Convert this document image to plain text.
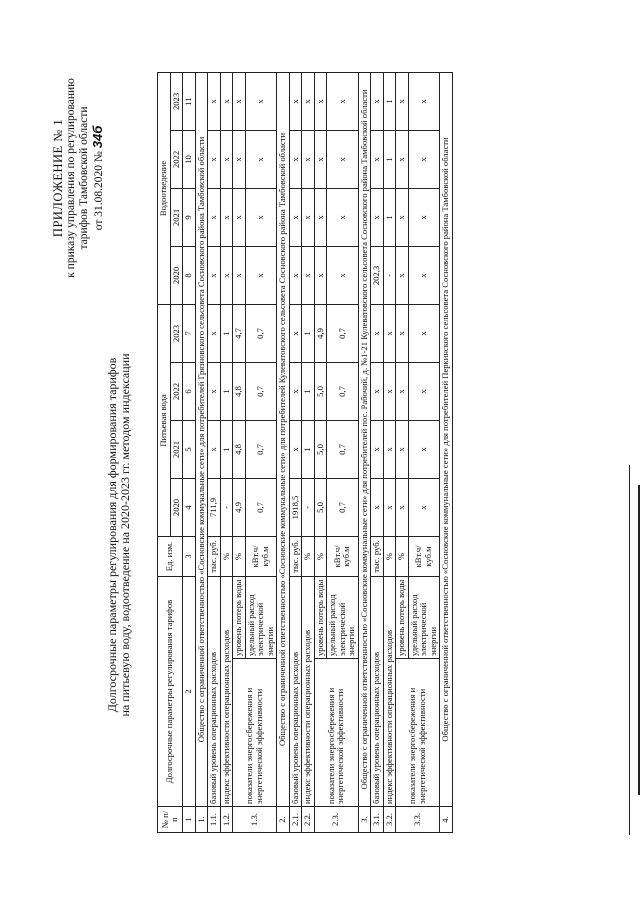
ПРИЛОЖЕНИЕ № 1 к приказу управления по регулированию тарифов Тамбовской области от 31.08.2020 № 34б
Долгосрочные параметры регулирования для формирования тарифов на питьевую воду, водоотведение на 2020-2023 гг. методом индексации
№ п/п	Долгосрочные параметры регулирования тарифов		Ед. изм.	Питьевая вода				Водоотведение			
				2020	2021	2022	2023	2020	2021	2022	2023
1	2		3	4	5	6	7	8	9	10	11
1.	Общество с ограниченной ответственностью «Сосновские коммунальные сети» для потребителей Грязновского сельсовета Сосновского района Тамбовской области										
1.1.	базовый уровень операционных расходов		тыс. руб.	711,9	х	х	х	х	х	х	х
1.2.	индекс эффективности операционных расходов		%	-	1	1	1	х	х	х	х
1.3.	показатели энергосбережения и энергетической эффективности	уровень потерь воды	%	4,9	4,8	4,8	4,7	х	х	х	х
		удельный расход электрической энергии	кВт.ч/куб.м	0,7	0,7	0,7	0,7	х	х	х	х
2.	Общество с ограниченной ответственностью «Сосновские коммунальные сети» для потребителей Кулеватовского сельсовета Сосновского района Тамбовской области										
2.1.	базовый уровень операционных расходов		тыс. руб.	1918,5	х	х	х	х	х	х	х
2.2.	индекс эффективности операционных расходов		%	-	1	1	1	х	х	х	х
2.3.	показатели энергосбережения и энергетической эффективности	уровень потерь воды	%	5,0	5,0	5,0	4,9	х	х	х	х
		удельный расход электрической энергии	кВт.ч/куб.м	0,7	0,7	0,7	0,7	х	х	х	х
3.	Общество с ограниченной ответственностью «Сосновские коммунальные сети» для потребителей пос. Рабочий, д. №1-21 Кулеватовского сельсовета Сосновского района Тамбовской области										
3.1.	базовый уровень операционных расходов		тыс. руб.	х	х	х	х	202,3	х	х	х
3.2.	индекс эффективности операционных расходов		%	х	х	х	х	-	1	1	1
3.3.	показатели энергосбережения и энергетической эффективности	уровень потерь воды	%	х	х	х	х	х	х	х	х
		удельный расход электрической энергии	кВт.ч/куб.м	х	х	х	х	х	х	х	х
4.	Общество с ограниченной ответственностью «Сосновские коммунальные сети» для потребителей Перкинского сельсовета Сосновского района Тамбовской области										
